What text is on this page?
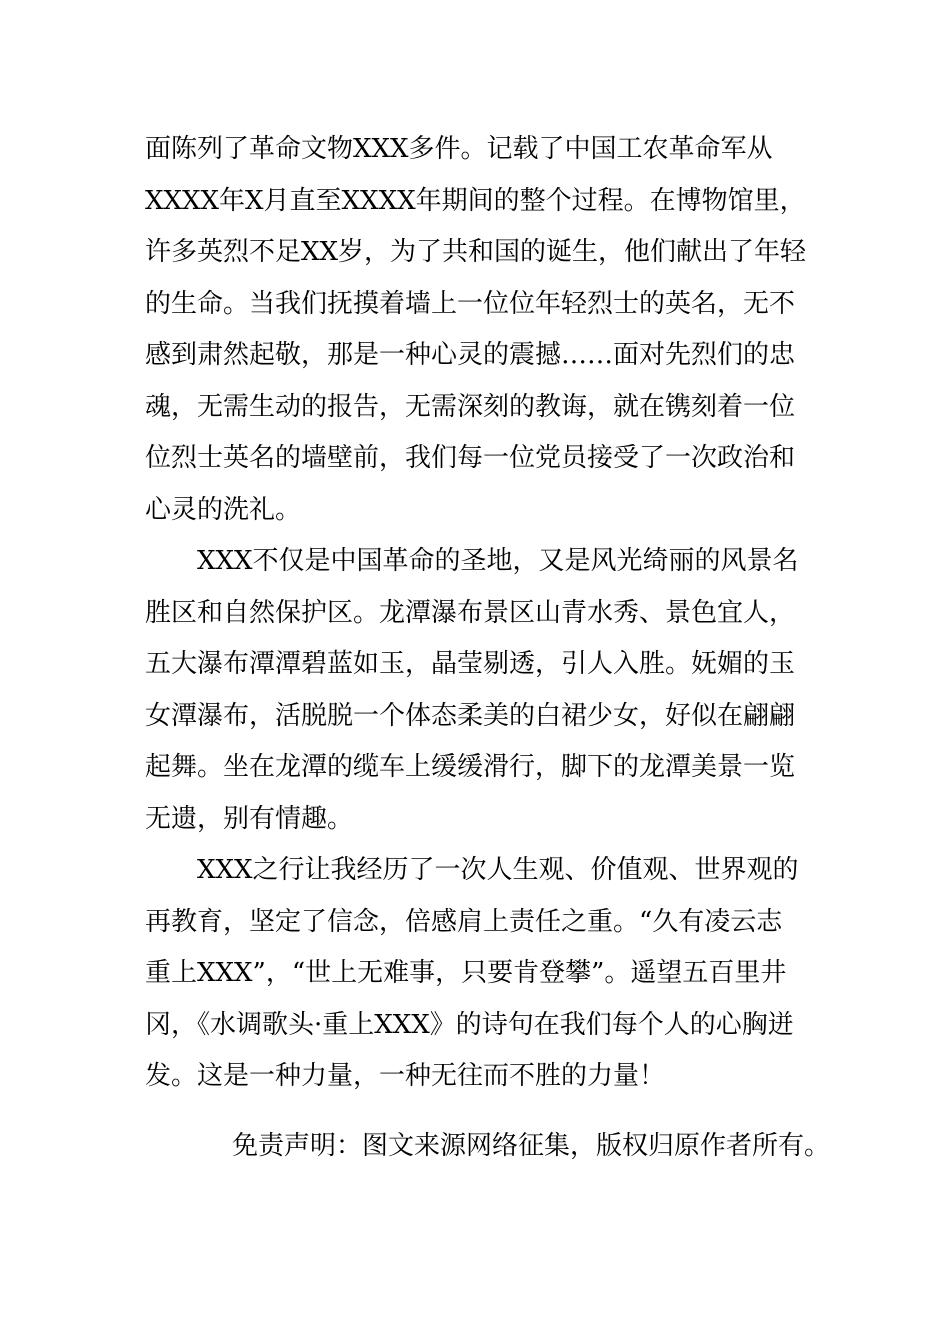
面陈列了革命文物XXX多件。记载了中国工农革命军从
XXXX年X月直至XXXX年期间的整个过程。在博物馆里，
许多英烈不足XX岁，为了共和国的诞生，他们献出了年轻
的生命。当我们抚摸着墙上一位位年轻烈士的英名，无不
感到肃然起敬，那是一种心灵的震撼……面对先烈们的忠
魂，无需生动的报告，无需深刻的教诲，就在镌刻着一位
位烈士英名的墙壁前，我们每一位党员接受了一次政治和
心灵的洗礼。
XXX不仅是中国革命的圣地，又是风光绮丽的风景名
胜区和自然保护区。龙潭瀑布景区山青水秀、景色宜人，
五大瀑布潭潭碧蓝如玉，晶莹剔透，引人入胜。妩媚的玉
女潭瀑布，活脱脱一个体态柔美的白裙少女，好似在翩翩
起舞。坐在龙潭的缆车上缓缓滑行，脚下的龙潭美景一览
无遗，别有情趣。
XXX之行让我经历了一次人生观、价值观、世界观的
再教育，坚定了信念，倍感肩上责任之重。“久有凌云志
重上XXX”，“世上无难事，只要肯登攀”。遥望五百里井
冈，《水调歌头·重上XXX》的诗句在我们每个人的心胸迸
发。这是一种力量，一种无往而不胜的力量！
免责声明：图文来源网络征集，版权归原作者所有。
